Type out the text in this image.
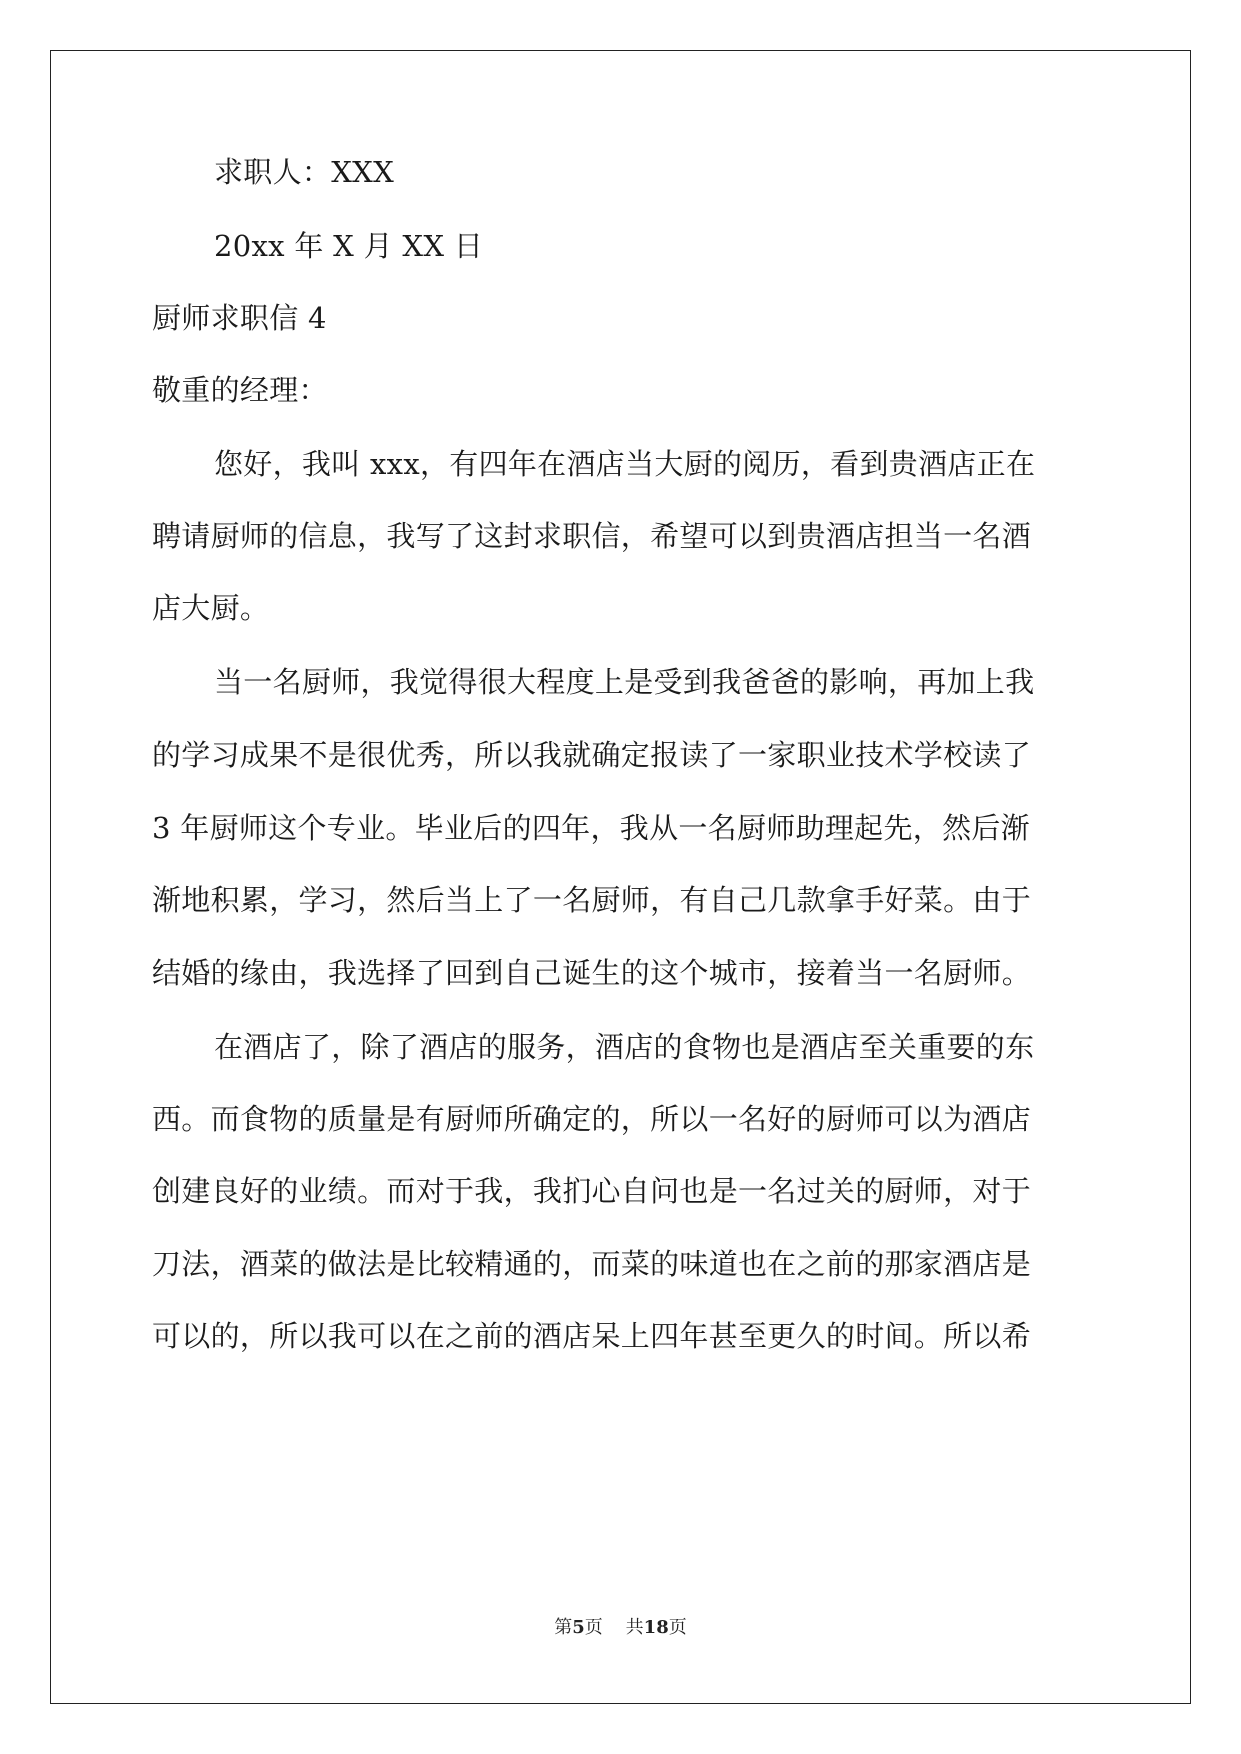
求职人：XXX
20xx 年 X 月 XX 日
厨师求职信 4
敬重的经理：
您好，我叫 xxx，有四年在酒店当大厨的阅历，看到贵酒店正在
聘请厨师的信息，我写了这封求职信，希望可以到贵酒店担当一名酒
店大厨。
当一名厨师，我觉得很大程度上是受到我爸爸的影响，再加上我
的学习成果不是很优秀，所以我就确定报读了一家职业技术学校读了
3 年厨师这个专业。毕业后的四年，我从一名厨师助理起先，然后渐
渐地积累，学习，然后当上了一名厨师，有自己几款拿手好菜。由于
结婚的缘由，我选择了回到自己诞生的这个城市，接着当一名厨师。
在酒店了，除了酒店的服务，酒店的食物也是酒店至关重要的东
西。而食物的质量是有厨师所确定的，所以一名好的厨师可以为酒店
创建良好的业绩。而对于我，我扪心自问也是一名过关的厨师，对于
刀法，酒菜的做法是比较精通的，而菜的味道也在之前的那家酒店是
可以的，所以我可以在之前的酒店呆上四年甚至更久的时间。所以希
第5页 共18页
